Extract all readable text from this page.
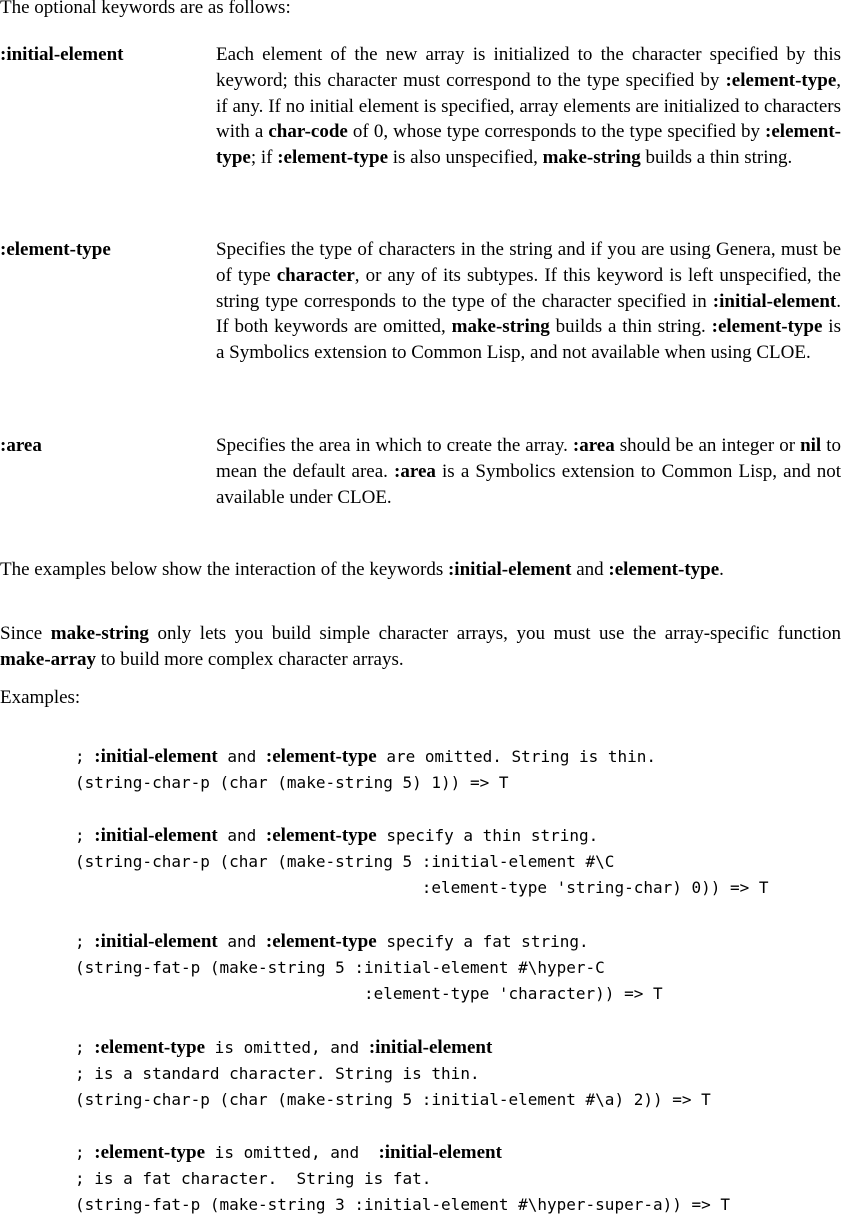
The optional keywords are as follows:

:initial-element	Each element of the new array is initialized to the character specified by this keyword; this character must correspond to the type specified by :element-type, if any. If no initial element is specified, array elements are initialized to characters with a char-code of 0, whose type corresponds to the type specified by :element-type; if :element-type is also unspecified, make-string builds a thin string.
:element-type	Specifies the type of characters in the string and if you are using Genera, must be of type character, or any of its subtypes. If this keyword is left unspecified, the string type corresponds to the type of the character specified in :initial-element. If both keywords are omitted, make-string builds a thin string. :element-type is a Symbolics extension to Common Lisp, and not available when using CLOE.
:area	Specifies the area in which to create the array. :area should be an integer or nil to mean the default area. :area is a Symbolics extension to Common Lisp, and not available under CLOE.

The examples below show the interaction of the keywords :initial-element and :element-type.

Since make-string only lets you build simple character arrays, you must use the array-specific function make-array to build more complex character arrays.

Examples:

; :initial-element and :element-type are omitted. String is thin.
(string-char-p (char (make-string 5) 1)) => T
; :initial-element and :element-type specify a thin string.
(string-char-p (char (make-string 5 :initial-element #\C
:element-type 'string-char) 0)) => T
; :initial-element and :element-type specify a fat string.
(string-fat-p (make-string 5 :initial-element #\hyper-C
:element-type 'character)) => T
; :element-type is omitted, and :initial-element
; is a standard character. String is thin.
(string-char-p (char (make-string 5 :initial-element #\a) 2)) => T
; :element-type is omitted, and  :initial-element
; is a fat character.  String is fat.
(string-fat-p (make-string 3 :initial-element #\hyper-super-a)) => T
